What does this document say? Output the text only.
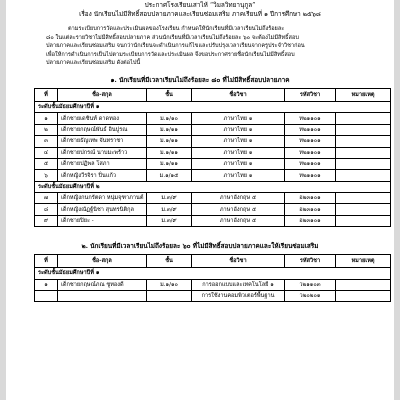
ประกาศโรงเรียนเสาไห้ “วิมลวิทยานุกูล”
เรื่อง นักเรียนไม่มีสิทธิ์สอบปลายภาคและเรียนซ่อมเสริม ภาคเรียนที่ ๑ ปีการศึกษา ๒๕๖๘
ตามระเบียบการวัดและประเมินผลของโรงเรียน กำหนดให้นักเรียนที่มีเวลาเรียนไม่ถึงร้อยละ
๘๐ ในแต่ละรายวิชาไม่มีสิทธิ์สอบปลายภาค ส่วนนักเรียนที่มีเวลาเรียนไม่ถึงร้อยละ ๖๐ จะต้องไม่มีสิทธิ์สอบ
ปลายภาคและเรียนซ่อมเสริม จนกว่านักเรียนจะดำเนินการแก้ไขและปรับปรุงเวลาเรียนจากครูประจำวิชาก่อน
เพื่อให้การดำเนินการเป็นไปตามระเบียบการวัดและประเมินผล จึงขอประกาศรายชื่อนักเรียนไม่มีสิทธิ์สอบ
ปลายภาคและเรียนซ่อมเสริม ดังต่อไปนี้
๑. นักเรียนที่มีเวลาเรียนไม่ถึงร้อยละ ๘๐ ที่ไม่มีสิทธิ์สอบปลายภาค
ที่	ชื่อ-สกุล	ชั้น	ชื่อวิชา	รหัสวิชา	หมายเหตุ
ระดับชั้นมัธยมศึกษาปีที่ ๑					
๑	เด็กชายเดชินท์ ดาดทอง	ม.๑/๑๐	ภาษาไทย ๑	ท๒๑๑๐๑	
๒	เด็กชายกฤษณ์พันธ์ อินปูรณ	ม.๑/๑๑	ภาษาไทย ๑	ท๒๑๑๐๑	
๓	เด็กชายธัญเทพ จันทราชา	ม.๑/๑๑	ภาษาไทย ๑	ท๒๑๑๐๑	
๔	เด็กชายปกรณ์ นาบมะพร้าว	ม.๑/๑๑	ภาษาไทย ๑	ท๒๑๑๐๑	
๕	เด็กชายปฏิพล โสภา	ม.๑/๑๑	ภาษาไทย ๑	ท๒๑๑๐๑	
๖	เด็กหญิงวีรจิรา ปิ่นแก้ว	ม.๑/๑๕	ภาษาไทย ๑	ท๒๑๑๐๑	
ระดับชั้นมัธยมศึกษาปีที่ ๒					
๗	เด็กหญิงกนกรัตดา หนุ่มจุฑาภานต์	ม.๓/๙	ภาษาอังกฤษ ๕	อ๒๓๑๐๑	
๘	เด็กหญิงณัฏฐ์นิชา สุนทรนิติกุล	ม.๓/๙	ภาษาอังกฤษ ๕	อ๒๓๑๐๑	
๙	เด็กชายปิยะ -	ม.๓/๙	ภาษาอังกฤษ ๕	อ๒๓๑๐๑	
๒. นักเรียนที่มีเวลาเรียนไม่ถึงร้อยละ ๖๐ ที่ไม่มีสิทธิ์สอบปลายภาคและให้เรียนซ่อมเสริม
ที่	ชื่อ-สกุล	ชั้น	ชื่อวิชา	รหัสวิชา	หมายเหตุ
ระดับชั้นมัธยมศึกษาปีที่ ๑					
๑	เด็กชายกฤษณ์ภณ ซูทองดี	ม.๑/๑๐	การออกแบบและเทคโนโลยี ๑	ว๒๑๑๐๓	
			การใช้งานคอมพิวเตอร์พื้นฐาน	ว๒๐๒๐๑	
